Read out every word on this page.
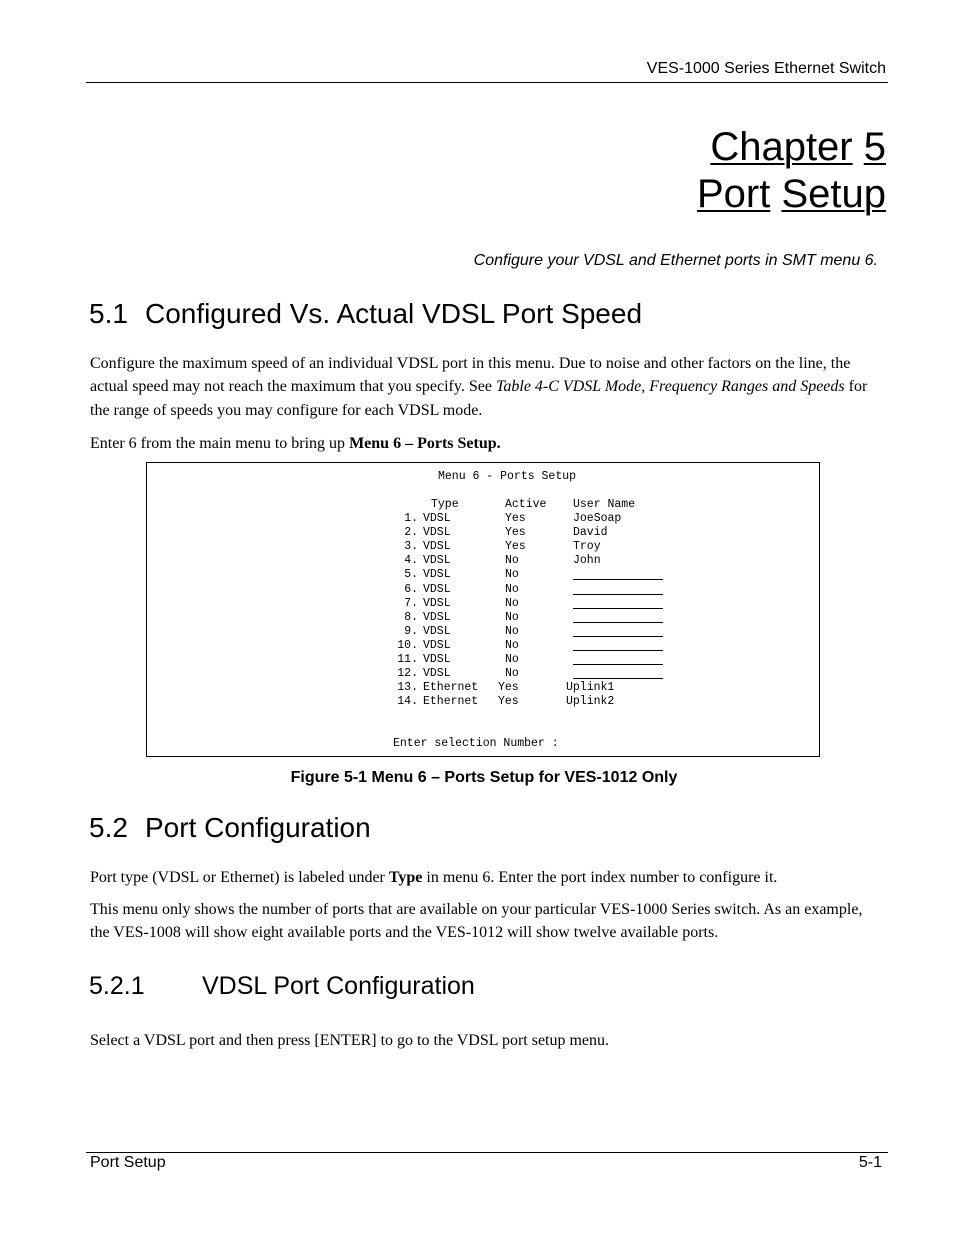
VES-1000 Series Ethernet Switch
Chapter 5
Port Setup
Configure your VDSL and Ethernet ports in SMT menu 6.
5.1 Configured Vs. Actual VDSL Port Speed

Configure the maximum speed of an individual VDSL port in this menu. Due to noise and other factors on the line, the actual speed may not reach the maximum that you specify. See Table 4-C VDSL Mode, Frequency Ranges and Speeds for the range of speeds you may configure for each VDSL mode.

Enter 6 from the main menu to bring up Menu 6 – Ports Setup.

Menu 6 - Ports Setup
Type	Active User Name
1. VDSL	Yes	JoeSoap
2. VDSL	Yes	David
3. VDSL	Yes	Troy
4. VDSL	No	John
5. VDSL	No
6. VDSL	No
7. VDSL	No
8. VDSL	No
9. VDSL	No
10. VDSL	No
11. VDSL	No
12. VDSL	No
13. Ethernet Yes	Uplink1
14. Ethernet Yes	Uplink2
Enter selection Number :
Figure 5-1 Menu 6 – Ports Setup for VES-1012 Only
5.2 Port Configuration

Port type (VDSL or Ethernet) is labeled under Type in menu 6. Enter the port index number to configure it.

This menu only shows the number of ports that are available on your particular VES-1000 Series switch. As an example, the VES-1008 will show eight available ports and the VES-1012 will show twelve available ports.

5.2.1 VDSL Port Configuration

Select a VDSL port and then press [ENTER] to go to the VDSL port setup menu.

Port Setup	5-1
